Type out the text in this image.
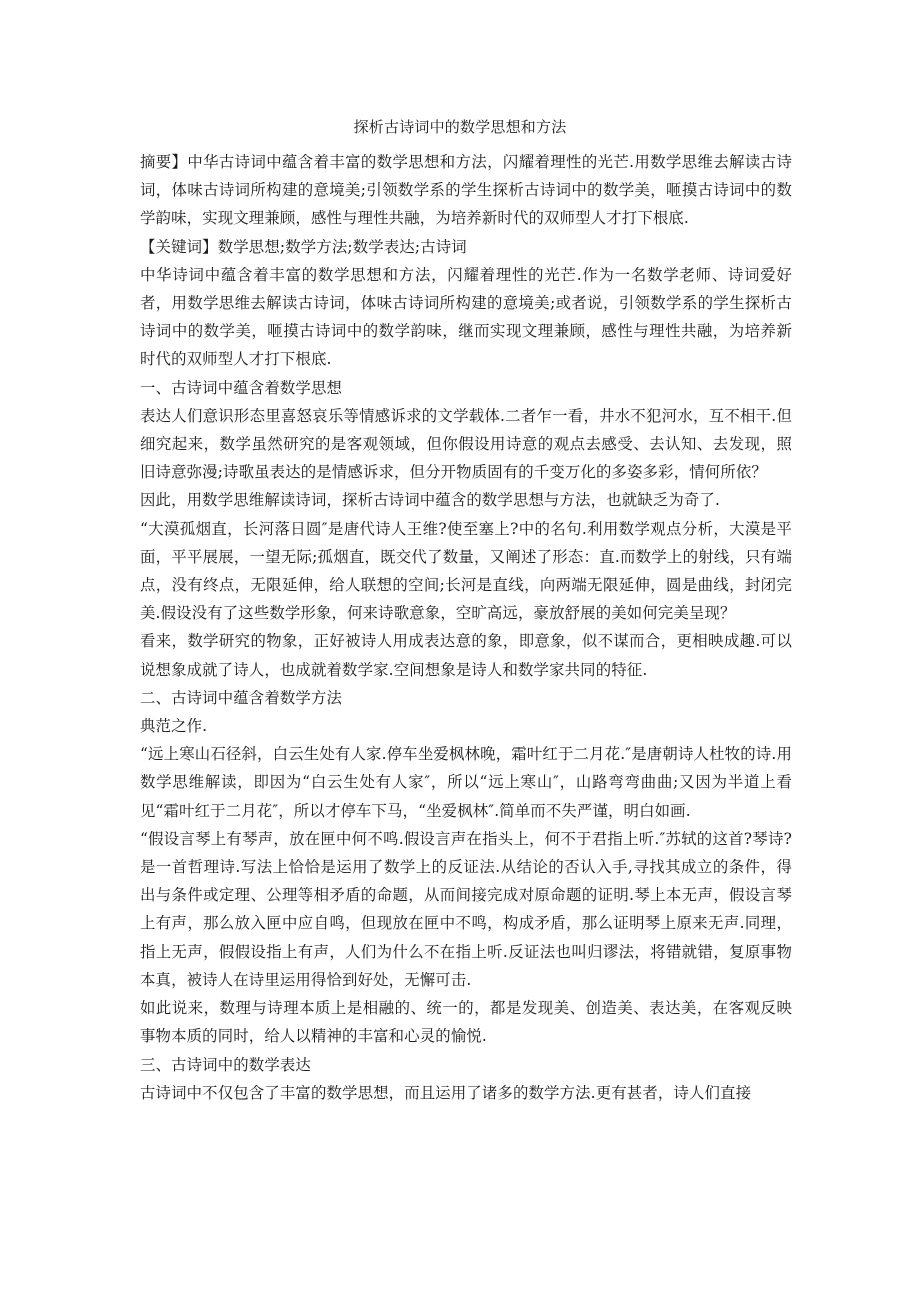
探析古诗词中的数学思想和方法

摘要】中华古诗词中蕴含着丰富的数学思想和方法，闪耀着理性的光芒.用数学思维去解读古诗词，体味古诗词所构建的意境美;引领数学系的学生探析古诗词中的数学美，咂摸古诗词中的数学韵味，实现文理兼顾，感性与理性共融，为培养新时代的双师型人才打下根底.

【关键词】数学思想;数学方法;数学表达;古诗词

中华诗词中蕴含着丰富的数学思想和方法，闪耀着理性的光芒.作为一名数学老师、诗词爱好者，用数学思维去解读古诗词，体味古诗词所构建的意境美;或者说，引领数学系的学生探析古诗词中的数学美，咂摸古诗词中的数学韵味，继而实现文理兼顾，感性与理性共融，为培养新时代的双师型人才打下根底.

一、古诗词中蕴含着数学思想

表达人们意识形态里喜怒哀乐等情感诉求的文学载体.二者乍一看，井水不犯河水，互不相干.但细究起来，数学虽然研究的是客观领域，但你假设用诗意的观点去感受、去认知、去发现，照旧诗意弥漫;诗歌虽表达的是情感诉求，但分开物质固有的千变万化的多姿多彩，情何所依？

因此，用数学思维解读诗词，探析古诗词中蕴含的数学思想与方法，也就缺乏为奇了.

“大漠孤烟直，长河落日圆″是唐代诗人王维?使至塞上?中的名句.利用数学观点分析，大漠是平面，平平展展，一望无际;孤烟直，既交代了数量，又阐述了形态：直.而数学上的射线，只有端点，没有终点，无限延伸，给人联想的空间;长河是直线，向两端无限延伸，圆是曲线，封闭完美.假设没有了这些数学形象，何来诗歌意象，空旷高远，豪放舒展的美如何完美呈现？

看来，数学研究的物象，正好被诗人用成表达意的象，即意象，似不谋而合，更相映成趣.可以说想象成就了诗人，也成就着数学家.空间想象是诗人和数学家共同的特征.

二、古诗词中蕴含着数学方法

典范之作.

“远上寒山石径斜，白云生处有人家.停车坐爱枫林晚，霜叶红于二月花.″是唐朝诗人杜牧的诗.用数学思维解读，即因为“白云生处有人家″，所以“远上寒山″，山路弯弯曲曲;又因为半道上看见“霜叶红于二月花″，所以才停车下马，“坐爱枫林″.简单而不失严谨，明白如画.

“假设言琴上有琴声，放在匣中何不鸣.假设言声在指头上，何不于君指上听.″苏轼的这首?琴诗?是一首哲理诗.写法上恰恰是运用了数学上的反证法.从结论的否认入手,寻找其成立的条件，得出与条件或定理、公理等相矛盾的命题，从而间接完成对原命题的证明.琴上本无声，假设言琴上有声，那么放入匣中应自鸣，但现放在匣中不鸣，构成矛盾，那么证明琴上原来无声.同理，指上无声，假假设指上有声，人们为什么不在指上听.反证法也叫归谬法，将错就错，复原事物本真，被诗人在诗里运用得恰到好处，无懈可击.

如此说来，数理与诗理本质上是相融的、统一的，都是发现美、创造美、表达美，在客观反映事物本质的同时，给人以精神的丰富和心灵的愉悦.

三、古诗词中的数学表达

古诗词中不仅包含了丰富的数学思想，而且运用了诸多的数学方法.更有甚者，诗人们直接
